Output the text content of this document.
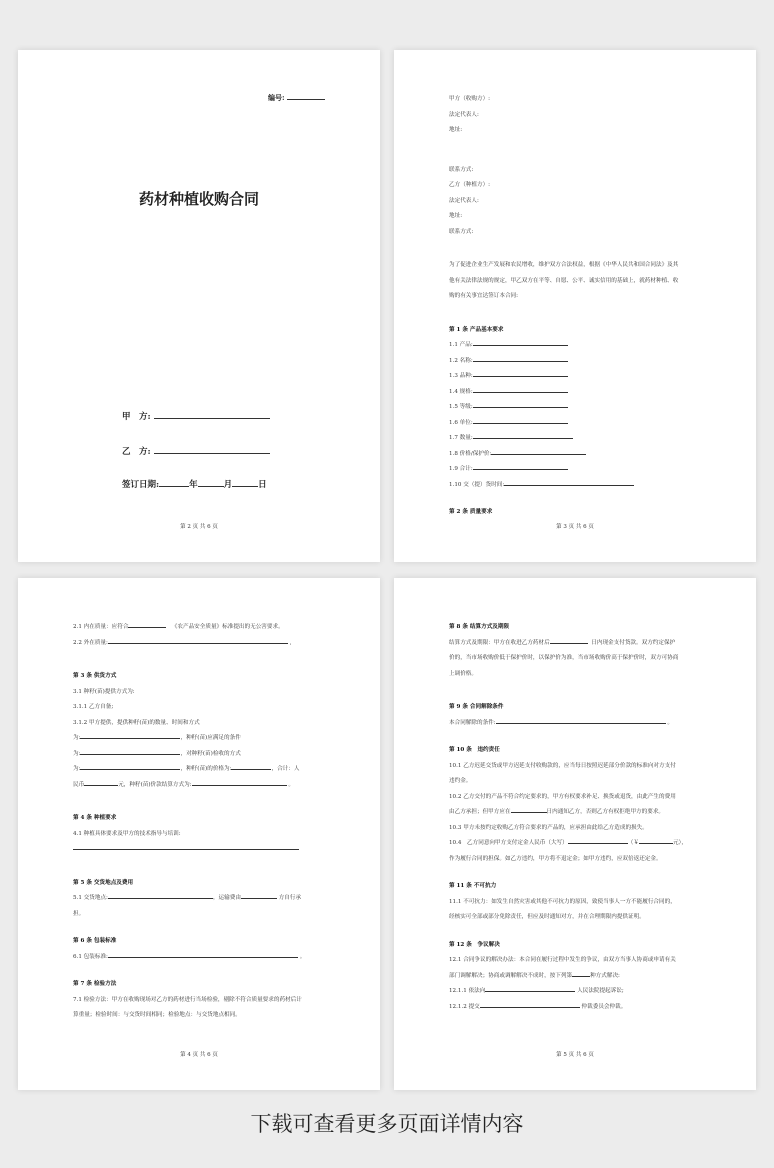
编号:
药材种植收购合同
甲　方:
乙　方:
签订日期:	年	月	日
第 2 页 共 6 页
甲方（收购方）:
法定代表人:
地址:
联系方式:
乙方（种植方）:
法定代表人:
地址:
联系方式:
为了促进企业生产发展和农民增收，维护双方合法权益，根据《中华人民共和国合同法》及其
他有关法律法规的规定，甲乙双方在平等、自愿、公平、诚实信用的基础上，就药材种植、收
购的有关事宜达签订本合同:
第 1 条 产品基本要求
1.1 产品:
1.2 名称:
1.3 品种:
1.4 规格:
1.5 等级:
1.6 单位:
1.7 数量:
1.8 价格/保护价:
1.9 合计:
1.10 交（提）货时间:
第 2 条 质量要求
第 3 页 共 6 页
2.1 内在质量：应符合	《农产品安全质量》标准提出的无公害要求。
2.2 外在质量:	,
第 3 条 供货方式
3.1 种籽(苗)提供方式为:
3.1.1 乙方自备;
3.1.2 甲方提供，提供种籽(苗)的数量、时间和方式
为:	，种籽(苗)应满足的条件
为:	，对种籽(苗)检收的方式
为:	，种籽(苗)的价格为:	，合计：人
民币	元，种籽(苗)价款结算方式为:	。
第 4 条 种植要求
4.1 种植具体要求及甲方的技术指导与培训:
第 5 条 交货地点及费用
5.1 交货地点:	，运输费由	方自行承
担。
第 6 条 包装标准
6.1 包装标准:	。
第 7 条 检验方法
7.1 检验方法：甲方在收购现场对乙方的药材进行当场检验，剔除不符合质量要求的药材后计
算重量；检验时间：与交货时间相同；检验地点：与交货地点相同。
第 4 页 共 6 页
第 8 条 结算方式及期限
结算方式及期限：甲方在收进乙方药材后	日内现金支付货款。双方约定保护
价的，当市场收购价低于保护价时，以保护价为准，当市场收购价高于保护价时，双方可协商
上调价格。
第 9 条 合同解除条件
本合同解除的条件:	。
第 10 条　违约责任
10.1 乙方迟延交货或甲方迟延支付收购款的，应当每日按照迟延部分价款的标准向对方支付
违约金。
10.2 乙方交付的产品不符合约定要求的，甲方有权要求补足、换货或退货，由此产生的费用
由乙方承担；但甲方应在	日内通知乙方，否则乙方有权拒绝甲方的要求。
10.3 甲方未按约定收购乙方符合要求的产品的，应承担由此给乙方造成的损失。
10.4　乙方同意向甲方支付定金人民币（大写）	（￥	元），
作为履行合同的担保。如乙方违约，甲方将不退定金；如甲方违约，应双倍返还定金。
第 11 条 不可抗力
11.1 不可抗力：如发生自然灾害或其他不可抗力的原因，致使当事人一方不能履行合同的，
经核实可全部或部分免除责任，但应及时通知对方，并在合理期限内提供证明。
第 12 条　争议解决
12.1 合同争议的解决办法：本合同在履行过程中发生的争议，由双方当事人协商或申请有关
部门调解解决；协商或调解解决不成时，按下列第	种方式解决:
12.1.1 依法向	人民法院提起诉讼;
12.1.2 提交	仲裁委员会仲裁。
第 5 页 共 6 页
下载可查看更多页面详情内容
